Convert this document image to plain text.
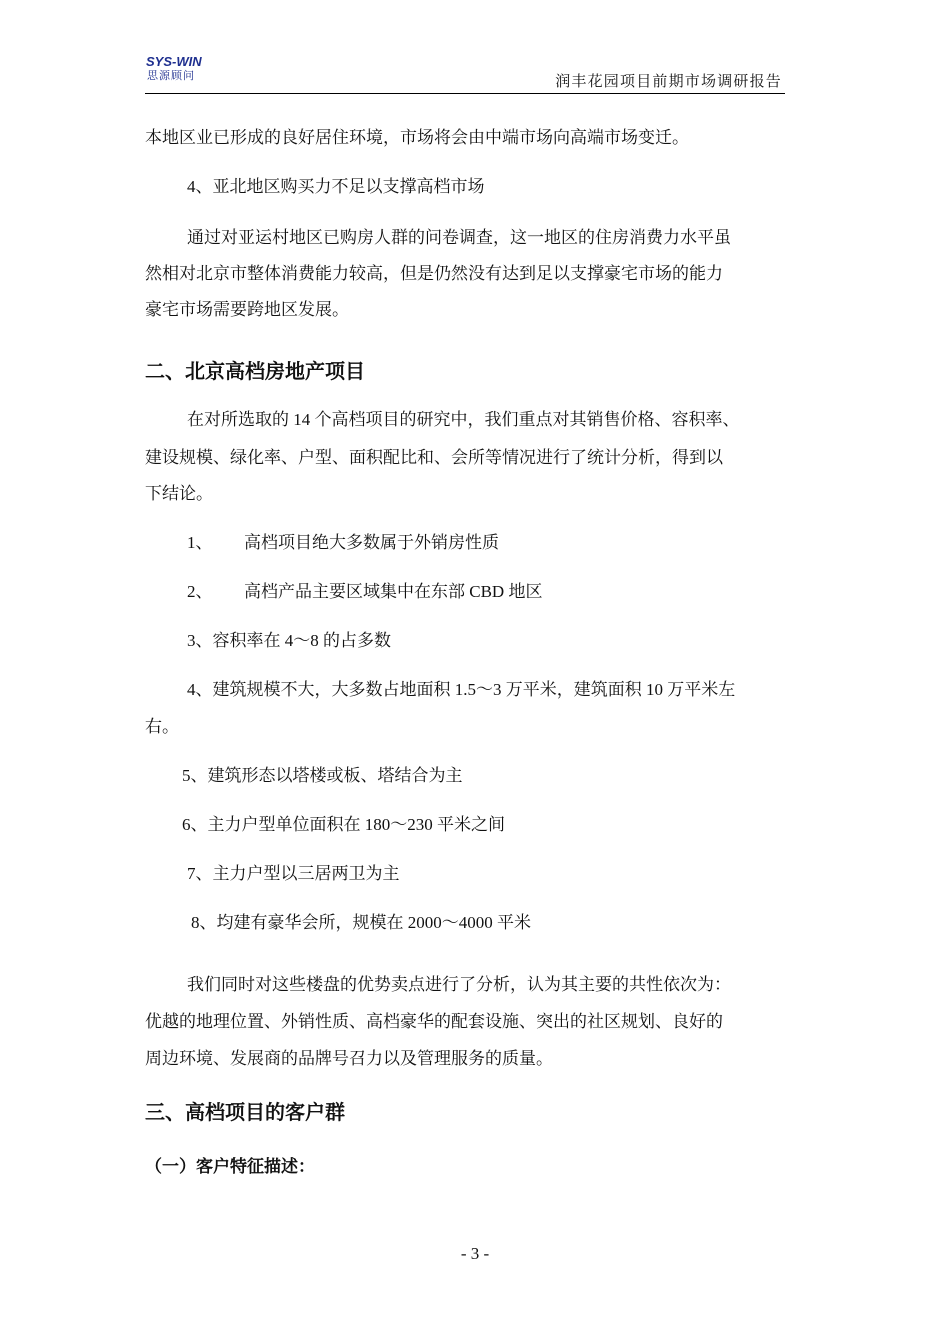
SYS-WIN
思源顾问	润丰花园项目前期市场调研报告
本地区业已形成的良好居住环境，市场将会由中端市场向高端市场变迁。
4、亚北地区购买力不足以支撑高档市场
通过对亚运村地区已购房人群的问卷调查，这一地区的住房消费力水平虽
然相对北京市整体消费能力较高，但是仍然没有达到足以支撑豪宅市场的能力
豪宅市场需要跨地区发展。
二、北京高档房地产项目
在对所选取的 14 个高档项目的研究中，我们重点对其销售价格、容积率、
建设规模、绿化率、户型、面积配比和、会所等情况进行了统计分析，得到以
下结论。
1、 高档项目绝大多数属于外销房性质
2、 高档产品主要区域集中在东部 CBD 地区
3、容积率在 4～8 的占多数
4、建筑规模不大，大多数占地面积 1.5～3 万平米，建筑面积 10 万平米左
右。
5、建筑形态以塔楼或板、塔结合为主
6、主力户型单位面积在 180～230 平米之间
7、主力户型以三居两卫为主
8、均建有豪华会所，规模在 2000～4000 平米
我们同时对这些楼盘的优势卖点进行了分析，认为其主要的共性依次为：
优越的地理位置、外销性质、高档豪华的配套设施、突出的社区规划、良好的
周边环境、发展商的品牌号召力以及管理服务的质量。
三、高档项目的客户群
（一）客户特征描述：
- 3 -
